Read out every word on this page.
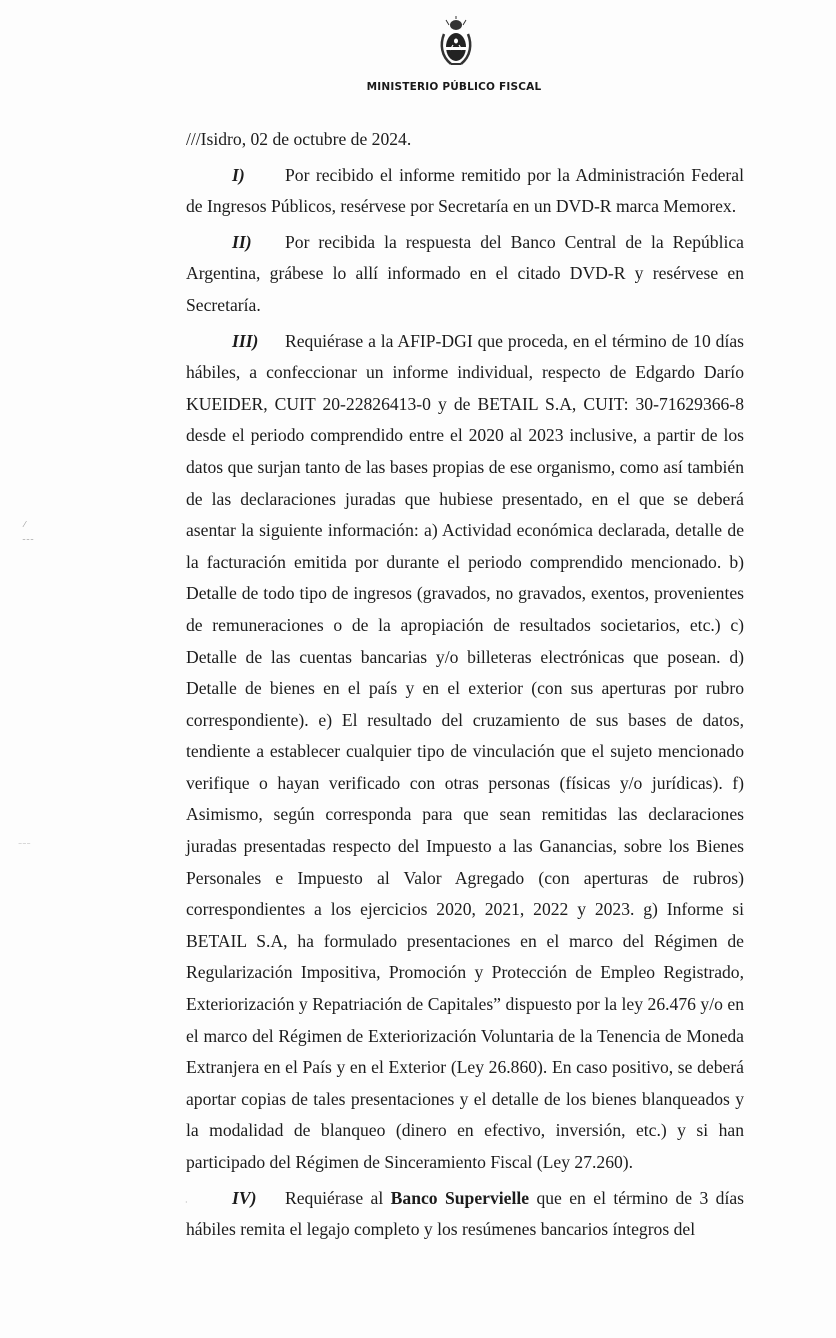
MINISTERIO PÚBLICO FISCAL
⁄
˜˜˜
⁻⁻⁻
·

///Isidro, 02 de octubre de 2024.

I) Por recibido el informe remitido por la Administración Federal de Ingresos Públicos, resérvese por Secretaría en un DVD-R marca Memorex.

II) Por recibida la respuesta del Banco Central de la República Argentina, grábese lo allí informado en el citado DVD-R y resérvese en Secretaría.

III) Requiérase a la AFIP-DGI que proceda, en el término de 10 días hábiles, a confeccionar un informe individual, respecto de Edgardo Darío KUEIDER, CUIT 20-22826413-0 y de BETAIL S.A, CUIT: 30-71629366-8 desde el periodo comprendido entre el 2020 al 2023 inclusive, a partir de los datos que surjan tanto de las bases propias de ese organismo, como así también de las declaraciones juradas que hubiese presentado, en el que se deberá asentar la siguiente información: a) Actividad económica declarada, detalle de la facturación emitida por durante el periodo comprendido mencionado. b) Detalle de todo tipo de ingresos (gravados, no gravados, exentos, provenientes de remuneraciones o de la apropiación de resultados societarios, etc.) c) Detalle de las cuentas bancarias y/o billeteras electrónicas que posean. d) Detalle de bienes en el país y en el exterior (con sus aperturas por rubro correspondiente). e) El resultado del cruzamiento de sus bases de datos, tendiente a establecer cualquier tipo de vinculación que el sujeto mencionado verifique o hayan verificado con otras personas (físicas y/o jurídicas). f) Asimismo, según corresponda para que sean remitidas las declaraciones juradas presentadas respecto del Impuesto a las Ganancias, sobre los Bienes Personales e Impuesto al Valor Agregado (con aperturas de rubros) correspondientes a los ejercicios 2020, 2021, 2022 y 2023. g) Informe si BETAIL S.A, ha formulado presentaciones en el marco del Régimen de Regularización Impositiva, Promoción y Protección de Empleo Registrado, Exteriorización y Repatriación de Capitales” dispuesto por la ley 26.476 y/o en el marco del Régimen de Exteriorización Voluntaria de la Tenencia de Moneda Extranjera en el País y en el Exterior (Ley 26.860). En caso positivo, se deberá aportar copias de tales presentaciones y el detalle de los bienes blanqueados y la modalidad de blanqueo (dinero en efectivo, inversión, etc.) y si han participado del Régimen de Sinceramiento Fiscal (Ley 27.260).

IV) Requiérase al Banco Supervielle que en el término de 3 días hábiles remita el legajo completo y los resúmenes bancarios íntegros del
